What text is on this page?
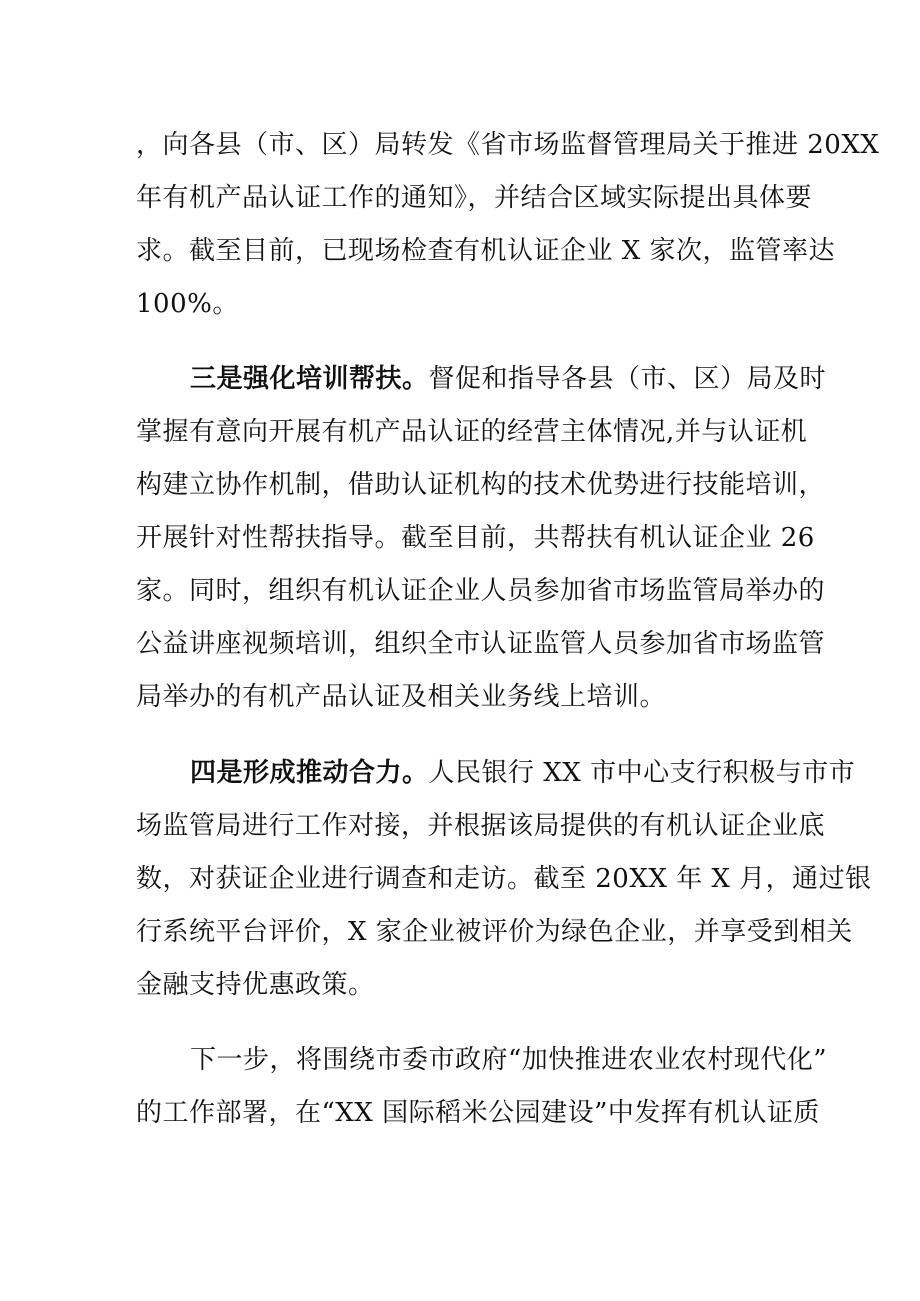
，向各县（市、区）局转发《省市场监督管理局关于推进 20XX
年有机产品认证工作的通知》，并结合区域实际提出具体要
求。截至目前，已现场检查有机认证企业 X 家次，监管率达
100%。
三是强化培训帮扶。督促和指导各县（市、区）局及时
掌握有意向开展有机产品认证的经营主体情况,并与认证机
构建立协作机制，借助认证机构的技术优势进行技能培训，
开展针对性帮扶指导。截至目前，共帮扶有机认证企业 26
家。同时，组织有机认证企业人员参加省市场监管局举办的
公益讲座视频培训，组织全市认证监管人员参加省市场监管
局举办的有机产品认证及相关业务线上培训。
四是形成推动合力。人民银行 XX 市中心支行积极与市市
场监管局进行工作对接，并根据该局提供的有机认证企业底
数，对获证企业进行调查和走访。截至 20XX 年 X 月，通过银
行系统平台评价，X 家企业被评价为绿色企业，并享受到相关
金融支持优惠政策。
下一步，将围绕市委市政府“加快推进农业农村现代化”
的工作部署，在“XX 国际稻米公园建设”中发挥有机认证质
